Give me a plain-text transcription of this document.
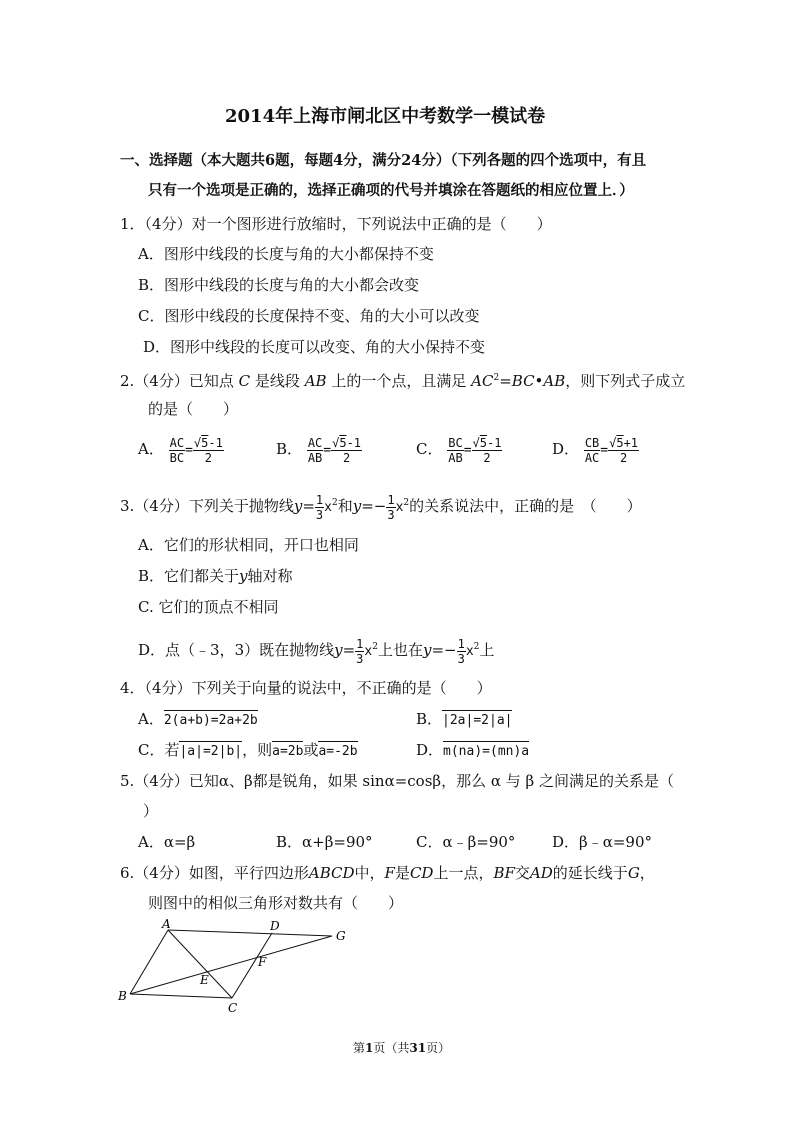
2014年上海市闸北区中考数学一模试卷
一、选择题（本大题共6题，每题4分，满分24分）（下列各题的四个选项中，有且
只有一个选项是正确的，选择正确项的代号并填涂在答题纸的相应位置上．）
1．（4分）对一个图形进行放缩时，下列说法中正确的是（　　）
A．图形中线段的长度与角的大小都保持不变
B．图形中线段的长度与角的大小都会改变
C．图形中线段的长度保持不变、角的大小可以改变
D．图形中线段的长度可以改变、角的大小保持不变
2.（4分）已知点 C 是线段 AB 上的一个点，且满足 $AC^2=BC•AB$，则下列式子成立
的是（　　）
A． $\frac{AC}{BC} = \frac{√5-1}{2}$	B． $\frac{AC}{AB} = \frac{√5-1}{2}$	C． $\frac{BC}{AB} = \frac{√5-1}{2}$	D． $\frac{CB}{AC} = \frac{√5+1}{2}$
3.（4分）下列关于抛物线$y= \frac{1}{3} x^2$和$y=- \frac{1}{3} x^2$的关系说法中，正确的是　（　　）
A．它们的形状相同，开口也相同
B．它们都关于y轴对称
C. 它们的顶点不相同
D．点（﹣3，3）既在抛物线$y= \frac{1}{3} x^2$上也在$y=- \frac{1}{3} x^2$上
4．（4分）下列关于向量的说法中，不正确的是（　　）
A．2(a+b)=2a+2b	B．|2a|=2|a|
C．若|a|=2|b|，则a=2b或a=-2b	D．m(na)=(mn)a
5.（4分）已知α、β都是锐角，如果 sinα=cosβ，那么 α 与 β 之间满足的关系是（
）
A．α=β	B．α+β=90°	C．α﹣β=90° D．β﹣α=90°
6.（4分）如图，平行四边形ABCD中，F是CD上一点，BF交AD的延长线于G，
则图中的相似三角形对数共有（　　）
A
B
C
D
E
F
G
第1页（共31页）
